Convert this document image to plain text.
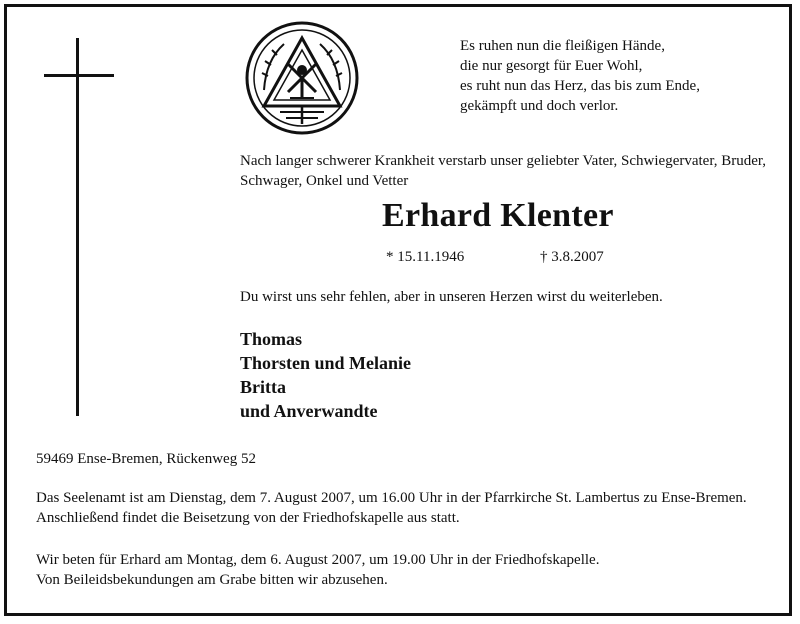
Es ruhen nun die fleißigen Hände,
die nur gesorgt für Euer Wohl,
es ruht nun das Herz, das bis zum Ende,
gekämpft und doch verlor.
Nach langer schwerer Krankheit verstarb unser geliebter Vater, Schwiegervater, Bruder, Schwager, Onkel und Vetter
Erhard Klenter
* 15.11.1946	† 3.8.2007
Du wirst uns sehr fehlen, aber in unseren Herzen wirst du weiterleben.
Thomas
Thorsten und Melanie
Britta
und Anverwandte
59469 Ense-Bremen, Rückenweg 52
Das Seelenamt ist am Dienstag, dem 7. August 2007, um 16.00 Uhr in der Pfarrkirche St. Lambertus zu Ense-Bremen. Anschließend findet die Beisetzung von der Friedhofskapelle aus statt.
Wir beten für Erhard am Montag, dem 6. August 2007, um 19.00 Uhr in der Friedhofskapelle.
Von Beileidsbekundungen am Grabe bitten wir abzusehen.
